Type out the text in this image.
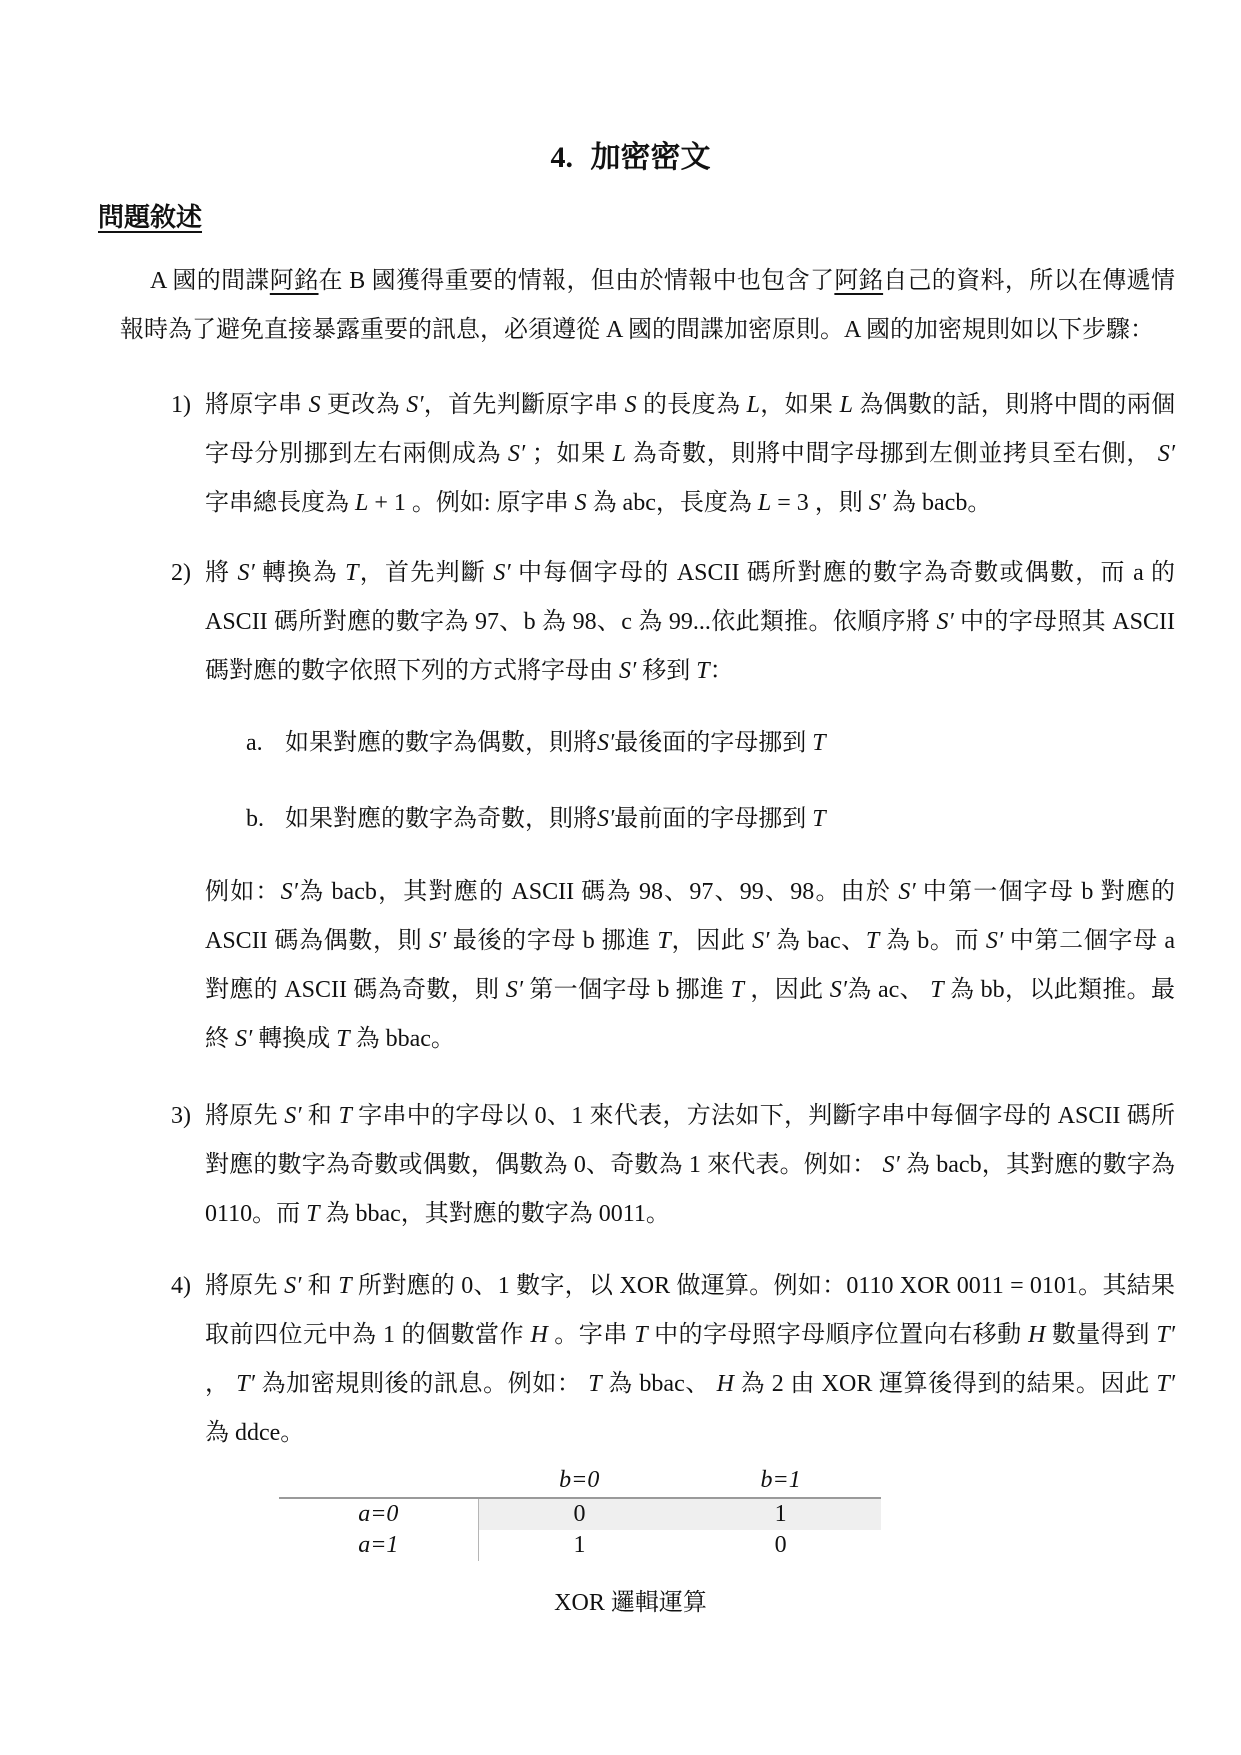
4. 加密密文
問題敘述
A 國的間諜阿銘在 B 國獲得重要的情報，但由於情報中也包含了阿銘自己的資料，所以在傳遞情報時為了避免直接暴露重要的訊息，必須遵從 A 國的間諜加密原則。A 國的加密規則如以下步驟：
1) 將原字串 S 更改為 S′，首先判斷原字串 S 的長度為 L，如果 L 為偶數的話，則將中間的兩個字母分別挪到左右兩側成為 S′ ；如果 L 為奇數，則將中間字母挪到左側並拷貝至右側， S′ 字串總長度為 L + 1 。例如: 原字串 S 為 abc，長度為 L = 3 ，則 S′ 為 bacb。
2) 將 S′ 轉換為 T，首先判斷 S′ 中每個字母的 ASCII 碼所對應的數字為奇數或偶數，而 a 的 ASCII 碼所對應的數字為 97、b 為 98、c 為 99...依此類推。依順序將 S′ 中的字母照其 ASCII 碼對應的數字依照下列的方式將字母由 S′ 移到 T：
a. 如果對應的數字為偶數，則將S′最後面的字母挪到 T
b. 如果對應的數字為奇數，則將S′最前面的字母挪到 T
例如：S′為 bacb，其對應的 ASCII 碼為 98、97、99、98。由於 S′ 中第一個字母 b 對應的 ASCII 碼為偶數，則 S′ 最後的字母 b 挪進 T，因此 S′ 為 bac、T 為 b。而 S′ 中第二個字母 a 對應的 ASCII 碼為奇數，則 S′ 第一個字母 b 挪進 T ，因此 S′為 ac、 T 為 bb，以此類推。最終 S′ 轉換成 T 為 bbac。
3) 將原先 S′ 和 T 字串中的字母以 0、1 來代表，方法如下，判斷字串中每個字母的 ASCII 碼所對應的數字為奇數或偶數，偶數為 0、奇數為 1 來代表。例如： S′ 為 bacb，其對應的數字為 0110。而 T 為 bbac，其對應的數字為 0011。
4) 將原先 S′ 和 T 所對應的 0、1 數字，以 XOR 做運算。例如：0110 XOR 0011 = 0101。其結果取前四位元中為 1 的個數當作 H 。字串 T 中的字母照字母順序位置向右移動 H 數量得到 T′ ， T′ 為加密規則後的訊息。例如： T 為 bbac、 H 為 2 由 XOR 運算後得到的結果。因此 T′ 為 ddce。
	b=0	b=1
a=0	0	1
a=1	1	0
XOR 邏輯運算
